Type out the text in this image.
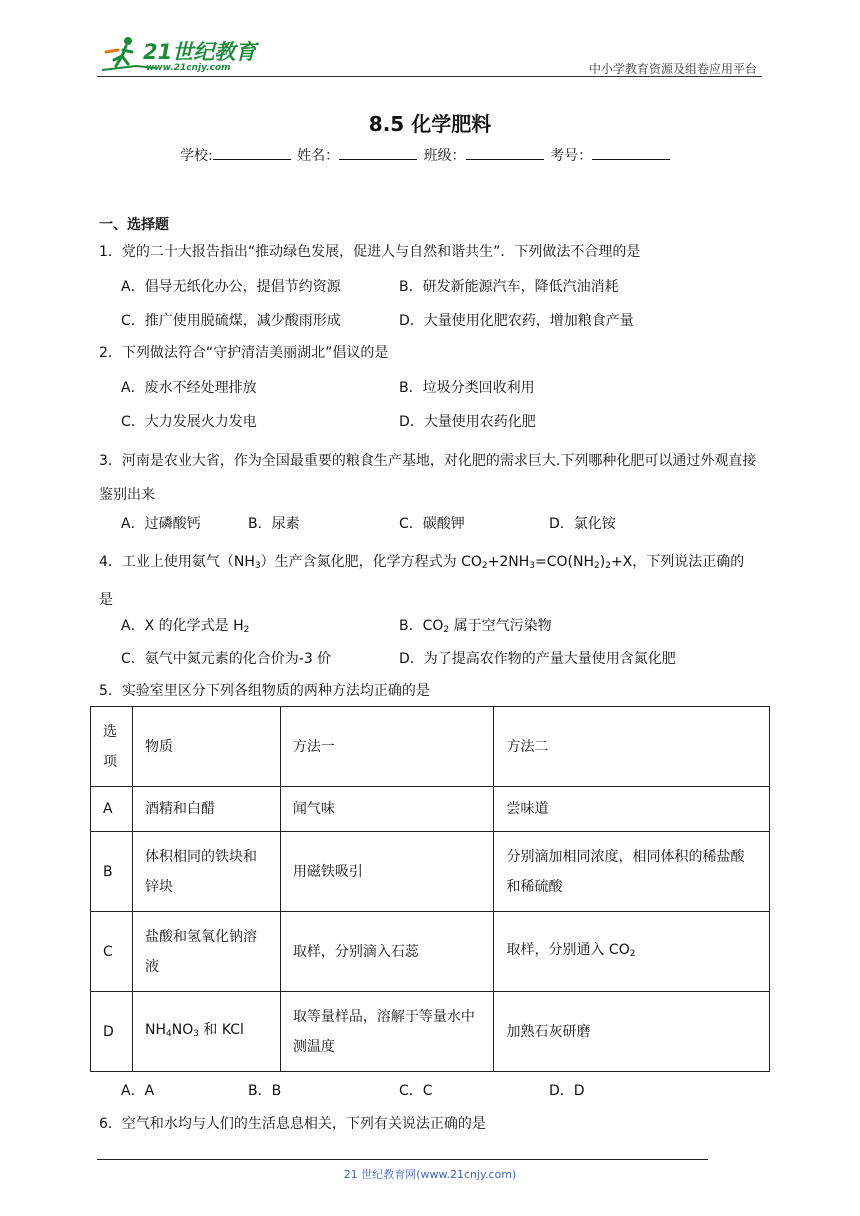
21世纪教育
www.21cnjy.com	中小学教育资源及组卷应用平台
8.5 化学肥料
学校:	姓名：	班级：	考号：
一、选择题
1．党的二十大报告指出“推动绿色发展，促进人与自然和谐共生”．下列做法不合理的是
A．倡导无纸化办公，提倡节约资源	B．研发新能源汽车，降低汽油消耗
C．推广使用脱硫煤，减少酸雨形成	D．大量使用化肥农药，增加粮食产量
2．下列做法符合“守护清洁美丽湖北”倡议的是
A．废水不经处理排放	B．垃圾分类回收利用
C．大力发展火力发电	D．大量使用农药化肥
3．河南是农业大省，作为全国最重要的粮食生产基地，对化肥的需求巨大.下列哪种化肥可以通过外观直接鉴别出来
A．过磷酸钙	B．尿素	C．碳酸钾	D．氯化铵
4．工业上使用氨气$(NH_3)$生产含氮化肥，化学方程式为 $CO_2+2NH_3=CO(NH_2)_2+X$，下列说法正确的
是
A．X 的化学式是 $H_2$	B．$CO_2$ 属于空气污染物
C．氨气中氮元素的化合价为-3 价	D．为了提高农作物的产量大量使用含氮化肥
5．实验室里区分下列各组物质的两种方法均正确的是
选项	物质	方法一	方法二
A	酒精和白醋	闻气味	尝味道
B	体积相同的铁块和锌块	用磁铁吸引	分别滴加相同浓度，相同体积的稀盐酸和稀硫酸
C	盐酸和氢氧化钠溶液	取样，分别滴入石蕊	取样，分别通入 $CO_2$
D	$NH_4NO_3$ 和 KCl	取等量样品，溶解于等量水中测温度	加熟石灰研磨
A．A	B．B	C．C	D．D
6．空气和水均与人们的生活息息相关，下列有关说法正确的是
21 世纪教育网(www.21cnjy.com)
